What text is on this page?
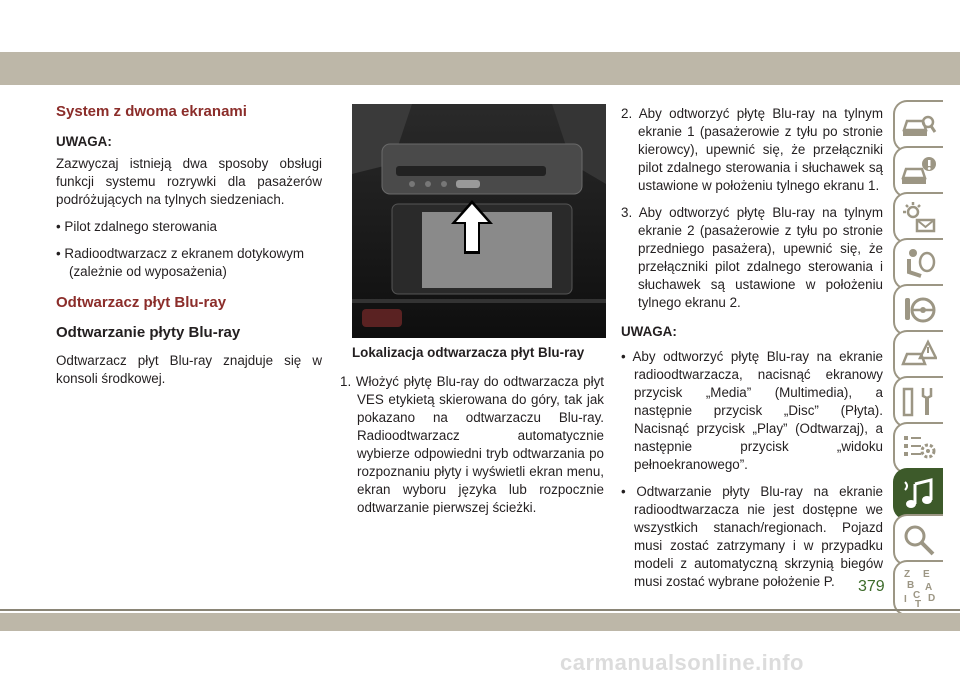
System z dwoma ekranami

UWAGA:

Zazwyczaj istnieją dwa sposoby obsługi funkcji systemu rozrywki dla pasażerów podróżujących na tylnych siedzeniach.

• Pilot zdalnego sterowania

• Radioodtwarzacz z ekranem dotykowym (zależnie od wyposażenia)

Odtwarzacz płyt Blu-ray

Odtwarzanie płyty Blu-ray

Odtwarzacz płyt Blu-ray znajduje się w konsoli środkowej.

Lokalizacja odtwarzacza płyt Blu-ray

1. Włożyć płytę Blu-ray do odtwarzacza płyt VES etykietą skierowana do góry, tak jak pokazano na odtwarzaczu Blu-ray. Radioodtwarzacz automatycznie wybierze odpowiedni tryb odtwarzania po rozpoznaniu płyty i wyświetli ekran menu, ekran wyboru języka lub rozpocznie odtwarzanie pierwszej ścieżki.

2. Aby odtworzyć płytę Blu-ray na tylnym ekranie 1 (pasażerowie z tyłu po stronie kierowcy), upewnić się, że przełączniki pilot zdalnego sterowania i słuchawek są ustawione w położeniu tylnego ekranu 1.

3. Aby odtworzyć płytę Blu-ray na tylnym ekranie 2 (pasażerowie z tyłu po stronie przedniego pasażera), upewnić się, że przełączniki pilot zdalnego sterowania i słuchawek są ustawione w położeniu tylnego ekranu 2.

UWAGA:

• Aby odtworzyć płytę Blu-ray na ekranie radioodtwarzacza, nacisnąć ekranowy przycisk „Media” (Multimedia), a następnie przycisk „Disc” (Płyta). Nacisnąć przycisk „Play” (Odtwarzaj), a następnie przycisk „widoku pełnoekranowego”.

• Odtwarzanie płyty Blu-ray na ekranie radioodtwarzacza nie jest dostępne we wszystkich stanach/regionach. Pojazd musi zostać zatrzymany i w przypadku modeli z automatyczną skrzynią biegów musi zostać wybrane położenie P.	Z E
B A
C D
I T
379
carmanualsonline.info
